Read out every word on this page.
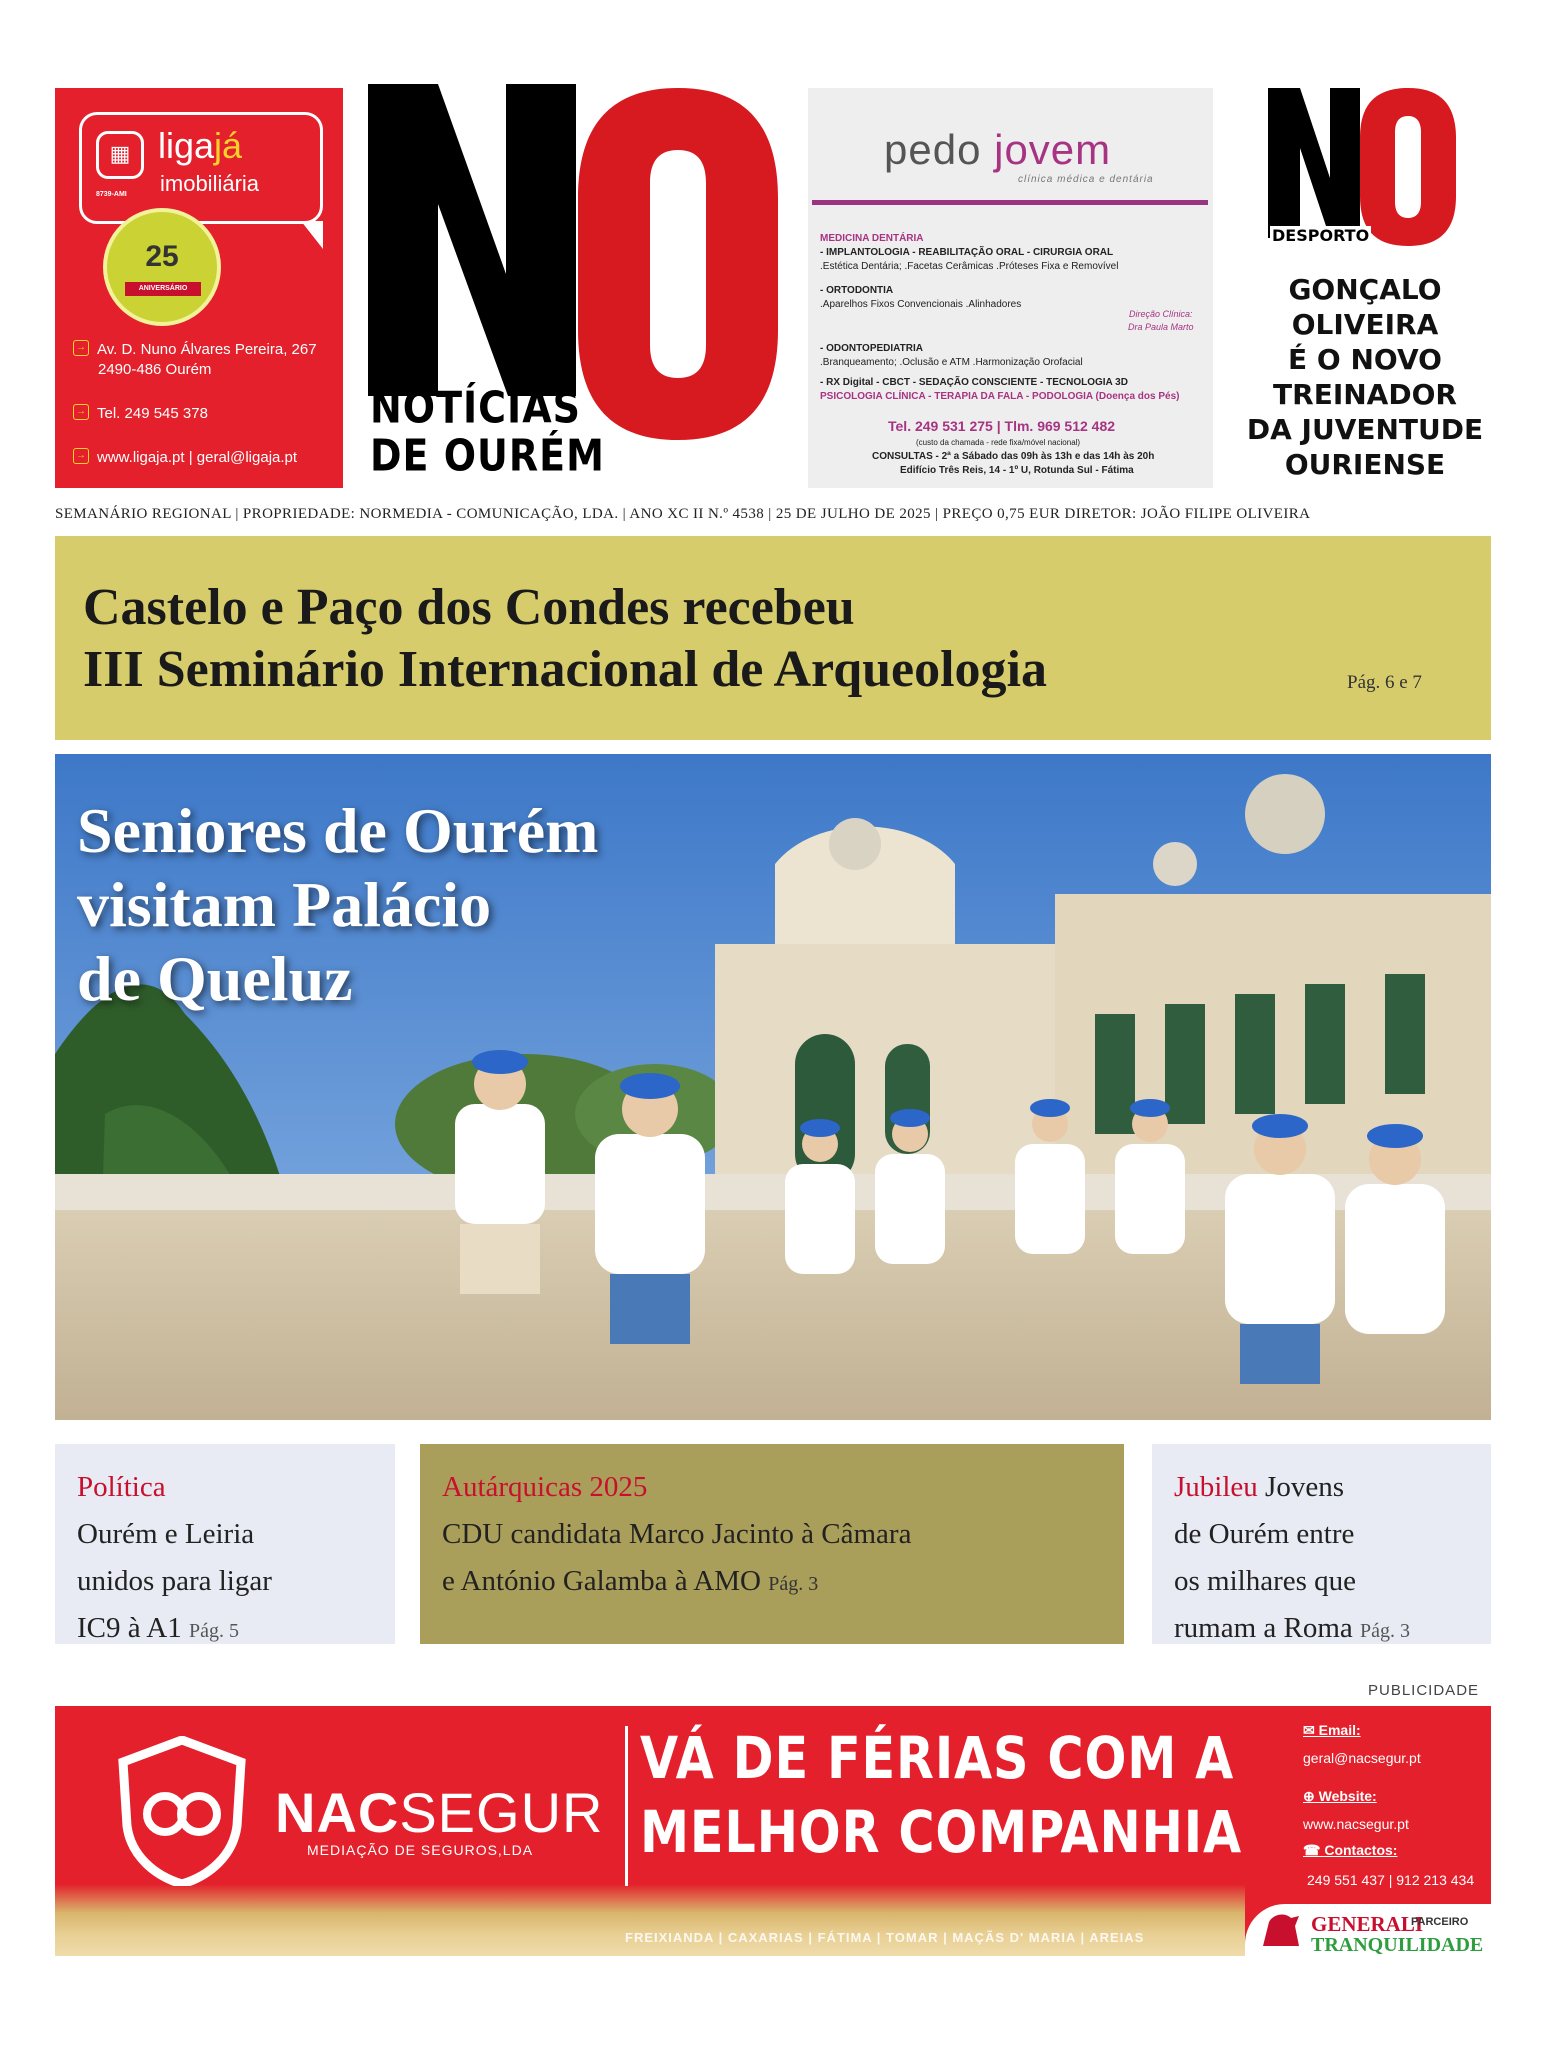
▦
8739-AMI
ligajá
imobiliária
25
ANIVERSÁRIO
→ Av. D. Nuno Álvares Pereira, 267
2490-486 Ourém
→ Tel. 249 545 378
→ www.ligaja.pt | geral@ligaja.pt
NOTÍCIAS
DE OURÉM
pedo jovem
clínica médica e dentária
MEDICINA DENTÁRIA
- IMPLANTOLOGIA - REABILITAÇÃO ORAL - CIRURGIA ORAL
.Estética Dentária; .Facetas Cerâmicas .Próteses Fixa e Removível
- ORTODONTIA
.Aparelhos Fixos Convencionais .Alinhadores
- ODONTOPEDIATRIA
.Branqueamento; .Oclusão e ATM .Harmonização Orofacial
- RX Digital - CBCT - SEDAÇÃO CONSCIENTE - TECNOLOGIA 3D
PSICOLOGIA CLÍNICA - TERAPIA DA FALA - PODOLOGIA (Doença dos Pés)
Direção Clínica:
Dra Paula Marto
Tel. 249 531 275 | Tlm. 969 512 482
(custo da chamada - rede fixa/móvel nacional)
CONSULTAS - 2ª a Sábado das 09h às 13h e das 14h às 20h
Edifício Três Reis, 14 - 1º U, Rotunda Sul - Fátima
DESPORTO
GONÇALO
OLIVEIRA
É O NOVO
TREINADOR
DA JUVENTUDE
OURIENSE
SEMANÁRIO REGIONAL | PROPRIEDADE: NORMEDIA - COMUNICAÇÃO, LDA. | ANO XC II N.º 4538 | 25 DE JULHO DE 2025 | PREÇO 0,75 EUR DIRETOR: JOÃO FILIPE OLIVEIRA
Castelo e Paço dos Condes recebeu
III Seminário Internacional de Arqueologia	Pág. 6 e 7
Seniores de Ourém
visitam Palácio
de Queluz
Política
Ourém e Leiria
unidos para ligar
IC9 à A1 Pág. 5
Autárquicas 2025
CDU candidata Marco Jacinto à Câmara
e António Galamba à AMO Pág. 3
Jubileu Jovens
de Ourém entre
os milhares que
rumam a Roma Pág. 3
PUBLICIDADE
NACSEGUR
MEDIAÇÃO DE SEGUROS,LDA
VÁ DE FÉRIAS COM A
MELHOR COMPANHIA
✉ Email:
geral@nacsegur.pt
⊕ Website:
www.nacsegur.pt
☎ Contactos:
249 551 437 | 912 213 434
FREIXIANDA | CAXARIAS | FÁTIMA | TOMAR | MAÇÃS D' MARIA | AREIAS
GENERALI
PARCEIRO
TRANQUILIDADE
